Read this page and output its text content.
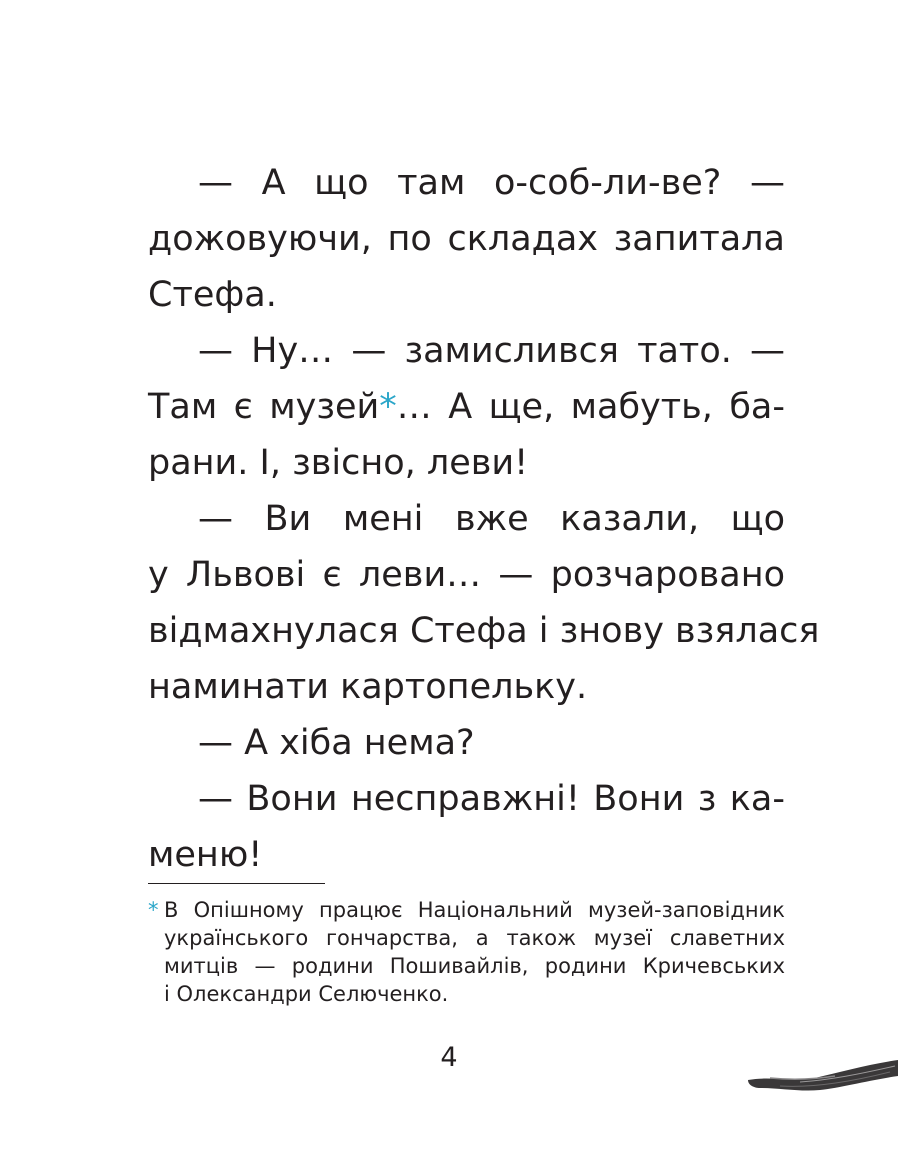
— А що там о-соб-ли-ве? —
дожовуючи, по складах запитала
Стефа.
— Ну… — замислився тато. —
Там є музей*… А ще, мабуть, ба-
рани. І, звісно, леви!
— Ви мені вже казали, що
у Львові є леви… — розчаровано
відмахнулася Стефа і знову взялася
наминати картопельку.
— А хіба нема?
— Вони несправжні! Вони з ка-
меню!
* В Опішному працює Національний музей-заповідник
українського гончарства, а також музеї славетних
митців — родини Пошивайлів, родини Кричевських
і Олександри Селюченко.
4
